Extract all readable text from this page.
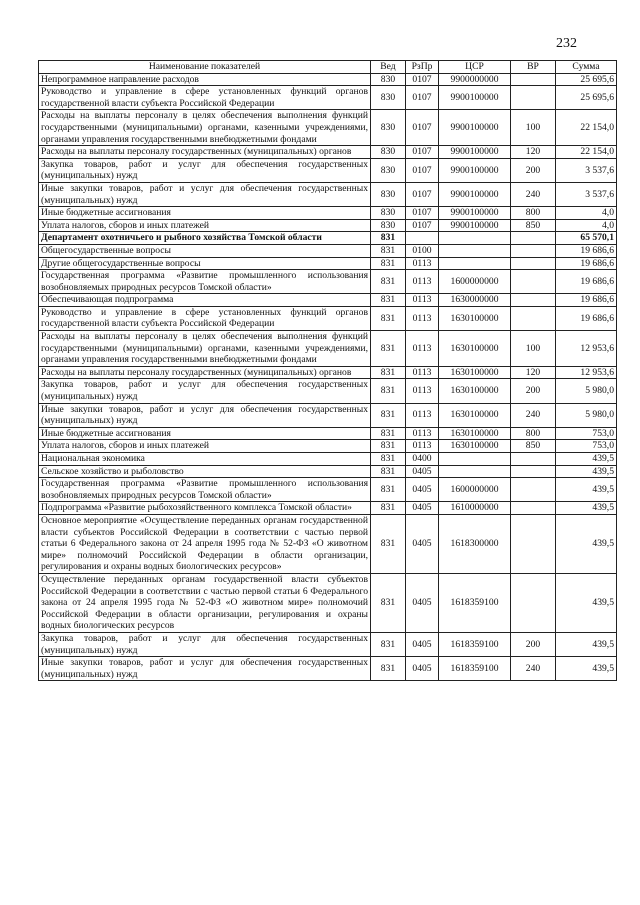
232
Наименование показателей	Вед	РзПр	ЦСР	ВР	Сумма
Непрограммное направление расходов	830	0107	9900000000		25 695,6
Руководство и управление в сфере установленных функций органов государственной власти субъекта Российской Федерации	830	0107	9900100000		25 695,6
Расходы на выплаты персоналу в целях обеспечения выполнения функций государственными (муниципальными) органами, казенными учреждениями, органами управления государственными внебюджетными фондами	830	0107	9900100000	100	22 154,0
Расходы на выплаты персоналу государственных (муниципальных) органов	830	0107	9900100000	120	22 154,0
Закупка товаров, работ и услуг для обеспечения государственных (муниципальных) нужд	830	0107	9900100000	200	3 537,6
Иные закупки товаров, работ и услуг для обеспечения государственных (муниципальных) нужд	830	0107	9900100000	240	3 537,6
Иные бюджетные ассигнования	830	0107	9900100000	800	4,0
Уплата налогов, сборов и иных платежей	830	0107	9900100000	850	4,0
Департамент охотничьего и рыбного хозяйства Томской области	831				65 570,1
Общегосударственные вопросы	831	0100			19 686,6
Другие общегосударственные вопросы	831	0113			19 686,6
Государственная программа «Развитие промышленного использования возобновляемых природных ресурсов Томской области»	831	0113	1600000000		19 686,6
Обеспечивающая подпрограмма	831	0113	1630000000		19 686,6
Руководство и управление в сфере установленных функций органов государственной власти субъекта Российской Федерации	831	0113	1630100000		19 686,6
Расходы на выплаты персоналу в целях обеспечения выполнения функций государственными (муниципальными) органами, казенными учреждениями, органами управления государственными внебюджетными фондами	831	0113	1630100000	100	12 953,6
Расходы на выплаты персоналу государственных (муниципальных) органов	831	0113	1630100000	120	12 953,6
Закупка товаров, работ и услуг для обеспечения государственных (муниципальных) нужд	831	0113	1630100000	200	5 980,0
Иные закупки товаров, работ и услуг для обеспечения государственных (муниципальных) нужд	831	0113	1630100000	240	5 980,0
Иные бюджетные ассигнования	831	0113	1630100000	800	753,0
Уплата налогов, сборов и иных платежей	831	0113	1630100000	850	753,0
Национальная экономика	831	0400			439,5
Сельское хозяйство и рыболовство	831	0405			439,5
Государственная программа «Развитие промышленного использования возобновляемых природных ресурсов Томской области»	831	0405	1600000000		439,5
Подпрограмма «Развитие рыбохозяйственного комплекса Томской области»	831	0405	1610000000		439,5
Основное мероприятие «Осуществление переданных органам государственной власти субъектов Российской Федерации в соответствии с частью первой статьи 6 Федерального закона от 24 апреля 1995 года № 52-ФЗ «О животном мире» полномочий Российской Федерации в области организации, регулирования и охраны водных биологических ресурсов»	831	0405	1618300000		439,5
Осуществление переданных органам государственной власти субъектов Российской Федерации в соответствии с частью первой статьи 6 Федерального закона от 24 апреля 1995 года № 52-ФЗ «О животном мире» полномочий Российской Федерации в области организации, регулирования и охраны водных биологических ресурсов	831	0405	1618359100		439,5
Закупка товаров, работ и услуг для обеспечения государственных (муниципальных) нужд	831	0405	1618359100	200	439,5
Иные закупки товаров, работ и услуг для обеспечения государственных (муниципальных) нужд	831	0405	1618359100	240	439,5
